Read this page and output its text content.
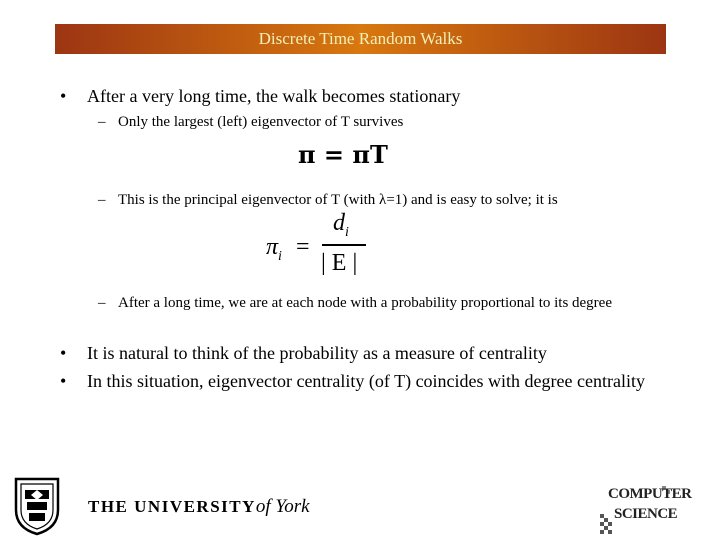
Discrete Time Random Walks
• After a very long time, the walk becomes stationary
– Only the largest (left) eigenvector of T survives
π = πT
– This is the principal eigenvector of T (with λ=1) and is easy to solve; it is
$\pi_i$ =
$d_i$
| E |
– After a long time, we are at each node with a probability proportional to its degree
• It is natural to think of the probability as a measure of centrality
• In this situation, eigenvector centrality (of T) coincides with degree centrality
THE UNIVERSITYof York
COMPUTER
SCIENCE
